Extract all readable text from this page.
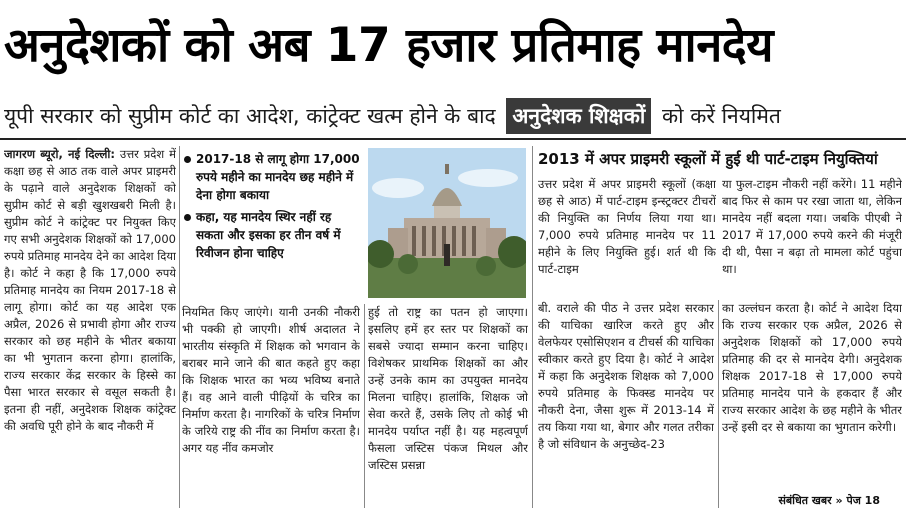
अनुदेशकों को अब 17 हजार प्रतिमाह मानदेय
यूपी सरकार को सुप्रीम कोर्ट का आदेश, कांट्रेक्ट खत्म होने के बाद अनुदेशक शिक्षकों को करें नियमित

जागरण ब्यूरो, नई दिल्ली: उत्तर प्रदेश में कक्षा छह से आठ तक वाले अपर प्राइमरी के पढ़ाने वाले अनुदेशक शिक्षकों को सुप्रीम कोर्ट से बड़ी खुशखबरी मिली है। सुप्रीम कोर्ट ने कांट्रेक्ट पर नियुक्त किए गए सभी अनुदेशक शिक्षकों को 17,000 रुपये प्रतिमाह मानदेय देने का आदेश दिया है। कोर्ट ने कहा है कि 17,000 रुपये प्रतिमाह मानदेय का नियम 2017-18 से लागू होगा। कोर्ट का यह आदेश एक अप्रैल, 2026 से प्रभावी होगा और राज्य सरकार को छह महीने के भीतर बकाया का भी भुगतान करना होगा। हालांकि, राज्य सरकार केंद्र सरकार के हिस्से का पैसा भारत सरकार से वसूल सकती है। इतना ही नहीं, अनुदेशक शिक्षक कांट्रेक्ट की अवधि पूरी होने के बाद नौकरी में

2017-18 से लागू होगा 17,000 रुपये महीने का मानदेय छह महीने में देना होगा बकाया
कहा, यह मानदेय स्थिर नहीं रह सकता और इसका हर तीन वर्ष में रिवीजन होना चाहिए

नियमित किए जाएंगे। यानी उनकी नौकरी भी पक्की हो जाएगी। शीर्ष अदालत ने भारतीय संस्कृति में शिक्षक को भगवान के बराबर माने जाने की बात कहते हुए कहा कि शिक्षक भारत का भव्य भविष्य बनाते हैं। वह आने वाली पीढ़ियों के चरित्र का निर्माण करता है। नागरिकों के चरित्र निर्माण के जरिये राष्ट्र की नींव का निर्माण करता है। अगर यह नींव कमजोर

हुई तो राष्ट्र का पतन हो जाएगा। इसलिए हमें हर स्तर पर शिक्षकों का सबसे ज्यादा सम्मान करना चाहिए। विशेषकर प्राथमिक शिक्षकों का और उन्हें उनके काम का उपयुक्त मानदेय मिलना चाहिए। हालांकि, शिक्षक जो सेवा करते हैं, उसके लिए तो कोई भी मानदेय पर्याप्त नहीं है। यह महत्वपूर्ण फैसला जस्टिस पंकज मिथल और जस्टिस प्रसन्ना

2013 में अपर प्राइमरी स्कूलों में हुई थी पार्ट-टाइम नियुक्तियां

उत्तर प्रदेश में अपर प्राइमरी स्कूलों (कक्षा छह से आठ) में पार्ट-टाइम इन्स्ट्रक्टर टीचरों की नियुक्ति का निर्णय लिया गया था। 7,000 रुपये प्रतिमाह मानदेय पर 11 महीने के लिए नियुक्ति हुई। शर्त थी कि पार्ट-टाइम

या फुल-टाइम नौकरी नहीं करेंगे। 11 महीने बाद फिर से काम पर रखा जाता था, लेकिन मानदेय नहीं बदला गया। जबकि पीएबी ने 2017 में 17,000 रुपये करने की मंजूरी दी थी, पैसा न बढ़ा तो मामला कोर्ट पहुंचा था।

बी. वराले की पीठ ने उत्तर प्रदेश सरकार की याचिका खारिज करते हुए और वेलफेयर एसोसिएशन व टीचर्स की याचिका स्वीकार करते हुए दिया है। कोर्ट ने आदेश में कहा कि अनुदेशक शिक्षक को 7,000 रुपये प्रतिमाह के फिक्स्ड मानदेय पर नौकरी देना, जैसा शुरू में 2013-14 में तय किया गया था, बेगार और गलत तरीका है जो संविधान के अनुच्छेद-23

का उल्लंघन करता है। कोर्ट ने आदेश दिया कि राज्य सरकार एक अप्रैल, 2026 से अनुदेशक शिक्षकों को 17,000 रुपये प्रतिमाह की दर से मानदेय देगी। अनुदेशक शिक्षक 2017-18 से 17,000 रुपये प्रतिमाह मानदेय पाने के हकदार हैं और राज्य सरकार आदेश के छह महीने के भीतर उन्हें इसी दर से बकाया का भुगतान करेगी।

संबंधित खबर » पेज 18
